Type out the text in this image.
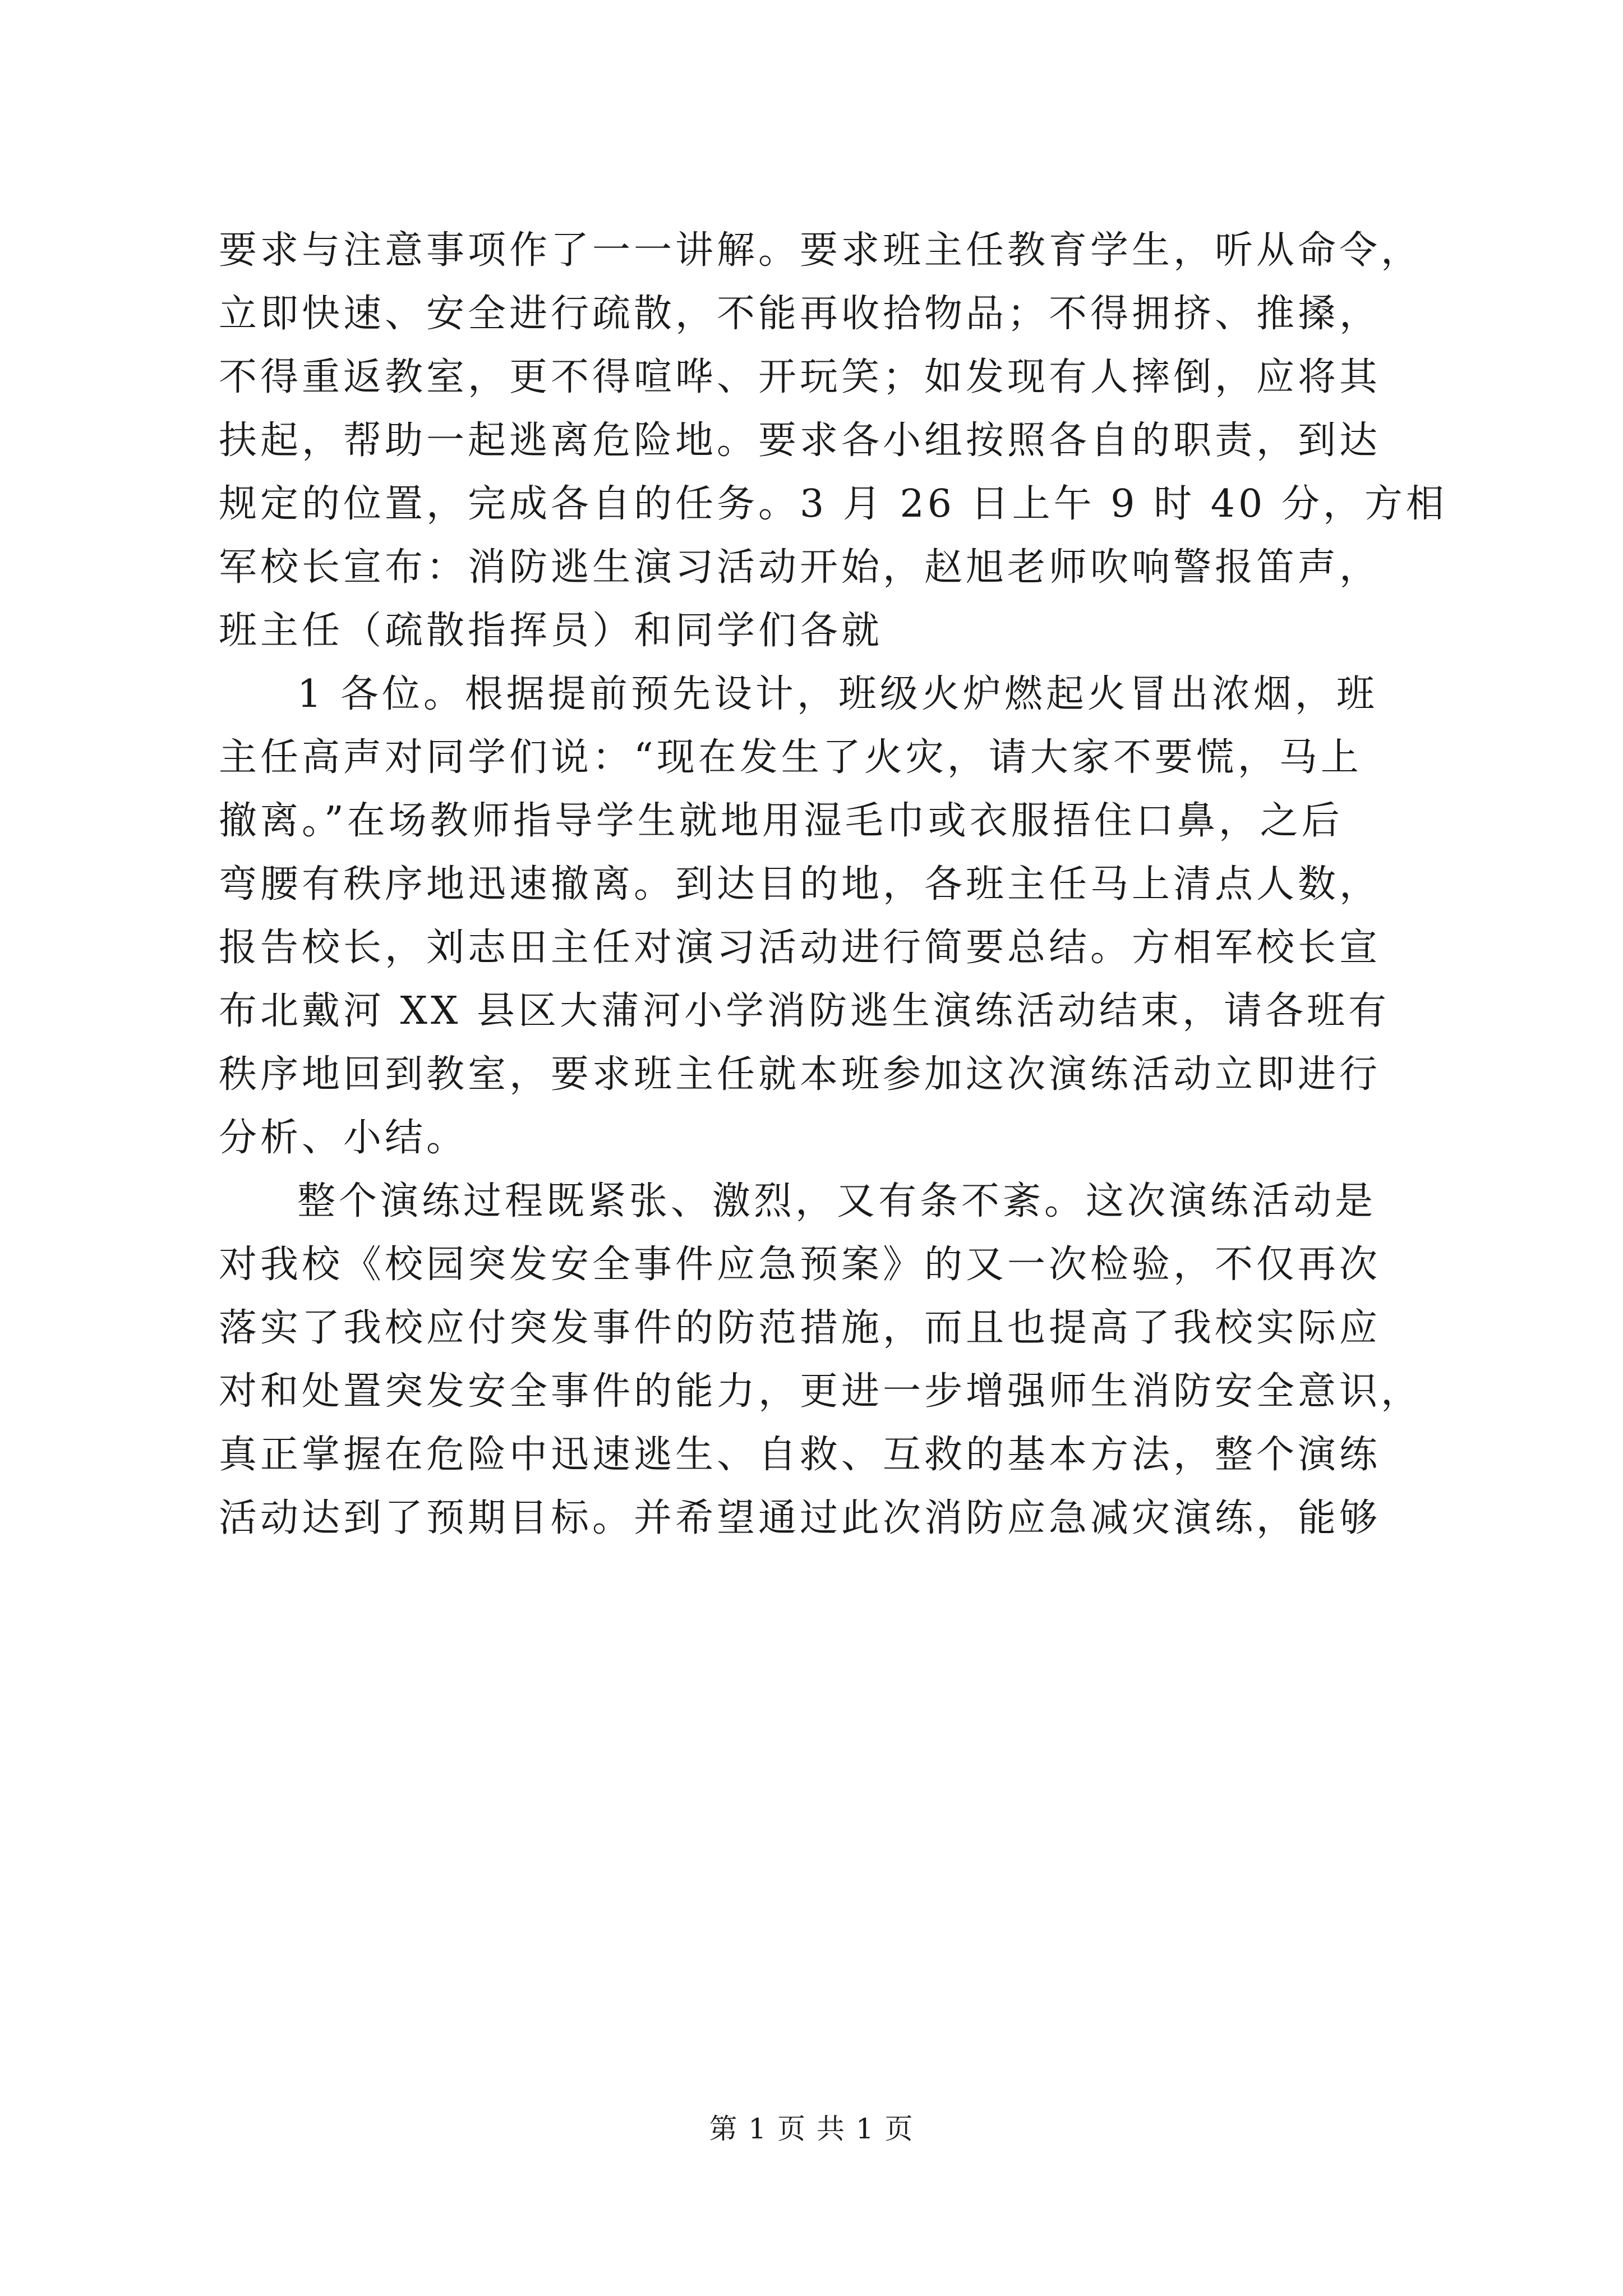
要求与注意事项作了一一讲解。要求班主任教育学生，听从命令，
立即快速、安全进行疏散，不能再收拾物品；不得拥挤、推搡，
不得重返教室，更不得喧哗、开玩笑；如发现有人摔倒，应将其
扶起，帮助一起逃离危险地。要求各小组按照各自的职责，到达
规定的位置，完成各自的任务。3 月 26 日上午 9 时 40 分，方相
军校长宣布：消防逃生演习活动开始，赵旭老师吹响警报笛声，
班主任（疏散指挥员）和同学们各就
1 各位。根据提前预先设计，班级火炉燃起火冒出浓烟，班
主任高声对同学们说：“现在发生了火灾，请大家不要慌，马上
撤离。”在场教师指导学生就地用湿毛巾或衣服捂住口鼻，之后
弯腰有秩序地迅速撤离。到达目的地，各班主任马上清点人数，
报告校长，刘志田主任对演习活动进行简要总结。方相军校长宣
布北戴河 XX 县区大蒲河小学消防逃生演练活动结束，请各班有
秩序地回到教室，要求班主任就本班参加这次演练活动立即进行
分析、小结。
整个演练过程既紧张、激烈，又有条不紊。这次演练活动是
对我校《校园突发安全事件应急预案》的又一次检验，不仅再次
落实了我校应付突发事件的防范措施，而且也提高了我校实际应
对和处置突发安全事件的能力，更进一步增强师生消防安全意识，
真正掌握在危险中迅速逃生、自救、互救的基本方法，整个演练
活动达到了预期目标。并希望通过此次消防应急减灾演练，能够
第 1 页 共 1 页
